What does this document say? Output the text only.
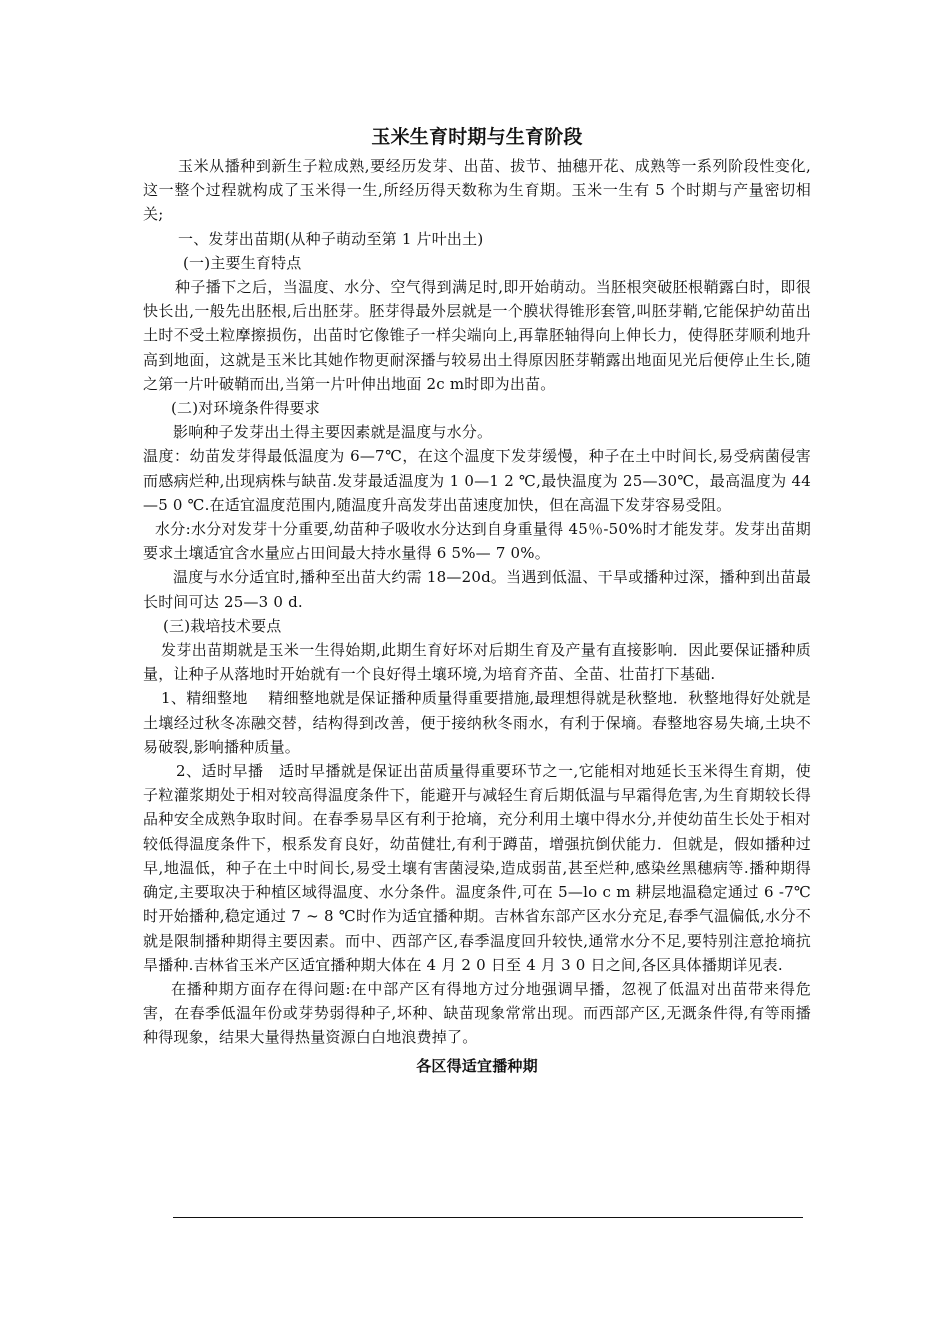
玉米生育时期与生育阶段

玉米从播种到新生子粒成熟,要经历发芽、出苗、拔节、抽穗开花、成熟等一系列阶段性变化,这一整个过程就构成了玉米得一生,所经历得天数称为生育期。玉米一生有 5 个时期与产量密切相关;

一、发芽出苗期(从种子萌动至第 1 片叶出土)

(一)主要生育特点

种子播下之后，当温度、水分、空气得到满足时,即开始萌动。当胚根突破胚根鞘露白时，即很快长出,一般先出胚根,后出胚芽。胚芽得最外层就是一个膜状得锥形套管,叫胚芽鞘,它能保护幼苗出土时不受土粒摩擦损伤，出苗时它像锥子一样尖端向上,再靠胚轴得向上伸长力，使得胚芽顺利地升高到地面，这就是玉米比其她作物更耐深播与较易出土得原因胚芽鞘露出地面见光后便停止生长,随之第一片叶破鞘而出,当第一片叶伸出地面 2c m时即为出苗。

(二)对环境条件得要求

影响种子发芽出土得主要因素就是温度与水分。

温度：幼苗发芽得最低温度为 6—7℃，在这个温度下发芽缓慢，种子在土中时间长,易受病菌侵害而感病烂种,出现病株与缺苗.发芽最适温度为 1 0—1 2 ℃,最快温度为 25—30℃，最高温度为 44—5 0 ℃.在适宜温度范围内,随温度升高发芽出苗速度加快，但在高温下发芽容易受阻。

水分:水分对发芽十分重要,幼苗种子吸收水分达到自身重量得 45％-50%时才能发芽。发芽出苗期要求土壤适宜含水量应占田间最大持水量得 6 5%— 7 0%。

温度与水分适宜时,播种至出苗大约需 18—20d。当遇到低温、干旱或播种过深，播种到出苗最长时间可达 25—3 0 d.

(三)栽培技术要点

发芽出苗期就是玉米一生得始期,此期生育好坏对后期生育及产量有直接影响．因此要保证播种质量，让种子从落地时开始就有一个良好得土壤环境,为培育齐苗、全苗、壮苗打下基础.

1、精细整地　 精细整地就是保证播种质量得重要措施,最理想得就是秋整地．秋整地得好处就是土壤经过秋冬冻融交替，结构得到改善，便于接纳秋冬雨水，有利于保墒。春整地容易失墒,土块不易破裂,影响播种质量。

2、适时早播　适时早播就是保证出苗质量得重要环节之一,它能相对地延长玉米得生育期，使子粒灌浆期处于相对较高得温度条件下，能避开与减轻生育后期低温与早霜得危害,为生育期较长得品种安全成熟争取时间。在春季易旱区有利于抢墒，充分利用土壤中得水分,并使幼苗生长处于相对较低得温度条件下，根系发育良好，幼苗健壮,有利于蹲苗，增强抗倒伏能力．但就是，假如播种过早,地温低，种子在土中时间长,易受土壤有害菌浸染,造成弱苗,甚至烂种,感染丝黑穗病等.播种期得确定,主要取决于种植区域得温度、水分条件。温度条件,可在 5—lo c m 耕层地温稳定通过 6 -7℃时开始播种,稳定通过 7 ~ 8 ℃时作为适宜播种期。吉林省东部产区水分充足,春季气温偏低,水分不就是限制播种期得主要因素。而中、西部产区,春季温度回升较快,通常水分不足,要特别注意抢墒抗旱播种.吉林省玉米产区适宜播种期大体在 4 月 2 0 日至 4 月 3 0 日之间,各区具体播期详见表.

在播种期方面存在得问题:在中部产区有得地方过分地强调早播，忽视了低温对出苗带来得危害，在春季低温年份或芽势弱得种子,坏种、缺苗现象常常出现。而西部产区,无溉条件得,有等雨播种得现象，结果大量得热量资源白白地浪费掉了。

各区得适宜播种期
